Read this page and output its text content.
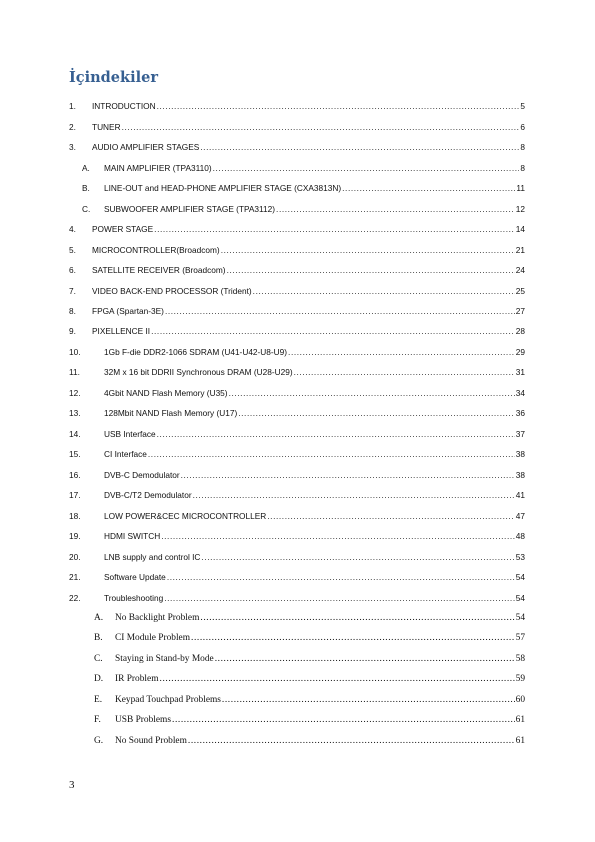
İçindekiler
1.	INTRODUCTION .....	5
2.	TUNER .....	6
3.	AUDIO AMPLIFIER STAGES .....	8
A.	MAIN AMPLIFIER (TPA3110) .....	8
B.	LINE-OUT and HEAD-PHONE AMPLIFIER STAGE (CXA3813N) .....	11
C.	SUBWOOFER AMPLIFIER STAGE (TPA3112) .....	12
4.	POWER STAGE .....	14
5.	MICROCONTROLLER(Broadcom) .....	21
6.	SATELLITE RECEIVER (Broadcom) .....	24
7.	VIDEO BACK-END PROCESSOR (Trident) .....	25
8.	FPGA (Spartan-3E) .....	27
9.	PIXELLENCE II .....	28
10.	1Gb F-die DDR2-1066 SDRAM (U41-U42-U8-U9) .....	29
11.	32M x 16 bit DDRII Synchronous DRAM (U28-U29) .....	31
12.	4Gbit NAND Flash Memory (U35) .....	34
13.	128Mbit NAND Flash Memory (U17) .....	36
14.	USB Interface .....	37
15.	CI Interface .....	38
16.	DVB-C Demodulator .....	38
17.	DVB-C/T2 Demodulator .....	41
18.	LOW POWER&CEC MICROCONTROLLER .....	47
19.	HDMI SWITCH .....	48
20.	LNB supply and control IC .....	53
21.	Software Update .....	54
22.	Troubleshooting .....	54
A.	No Backlight Problem .....	54
B.	CI Module Problem .....	57
C.	Staying in Stand-by Mode .....	58
D.	IR Problem .....	59
E.	Keypad Touchpad Problems .....	60
F.	USB Problems .....	61
G.	No Sound Problem .....	61
3
